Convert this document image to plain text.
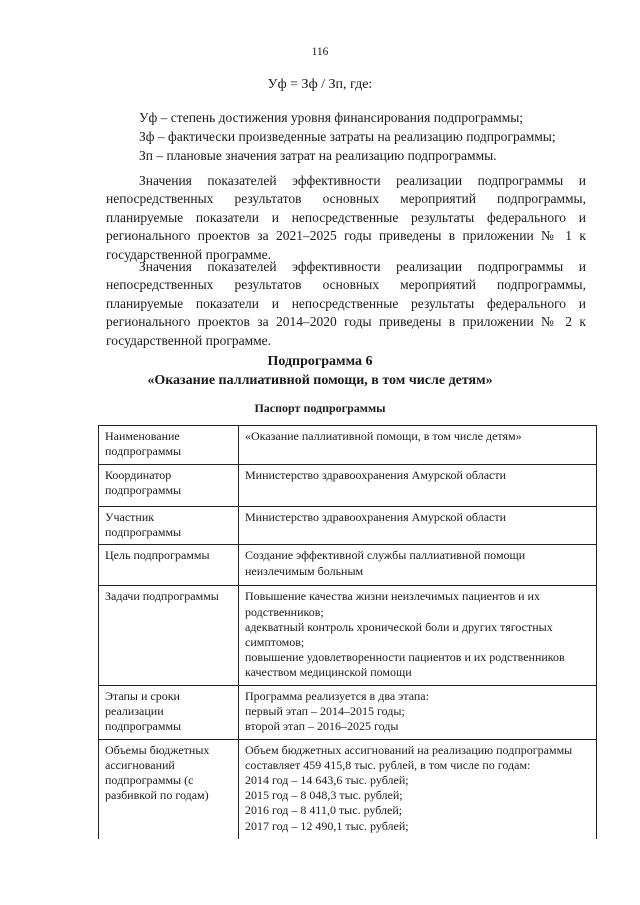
116
Уф = Зф / Зп, где:
Уф – степень достижения уровня финансирования подпрограммы;
Зф – фактически произведенные затраты на реализацию подпрограммы;
Зп – плановые значения затрат на реализацию подпрограммы.

Значения показателей эффективности реализации подпрограммы и непосредственных результатов основных мероприятий подпрограммы, планируемые показатели и непосредственные результаты федерального и регионального проектов за 2021–2025 годы приведены в приложении № 1 к государственной программе.

Значения показателей эффективности реализации подпрограммы и непосредственных результатов основных мероприятий подпрограммы, планируемые показатели и непосредственные результаты федерального и регионального проектов за 2014–2020 годы приведены в приложении № 2 к государственной программе.

Подпрограмма 6
«Оказание паллиативной помощи, в том числе детям»
Паспорт подпрограммы
Наименование подпрограммы	«Оказание паллиативной помощи, в том числе детям»

Координатор подпрограммы	Министерство здравоохранения Амурской области

Участник подпрограммы	Министерство здравоохранения Амурской области

Цель подпрограммы	Создание эффективной службы паллиативной помощи неизлечимым больным
Задачи подпрограммы	Повышение качества жизни неизлечимых пациентов и их родственников;
адекватный контроль хронической боли и других тягостных симптомов;
повышение удовлетворенности пациентов и их родственников качеством медицинской помощи

Этапы и сроки реализации подпрограммы	Программа реализуется в два этапа:
первый этап – 2014–2015 годы;
второй этап – 2016–2025 годы

Объемы бюджетных ассигнований подпрограммы (с разбивкой по годам)	Объем бюджетных ассигнований на реализацию подпрограммы составляет 459 415,8 тыс. рублей, в том числе по годам:
2014 год – 14 643,6 тыс. рублей;
2015 год – 8 048,3 тыс. рублей;
2016 год – 8 411,0 тыс. рублей;
2017 год – 12 490,1 тыс. рублей;
